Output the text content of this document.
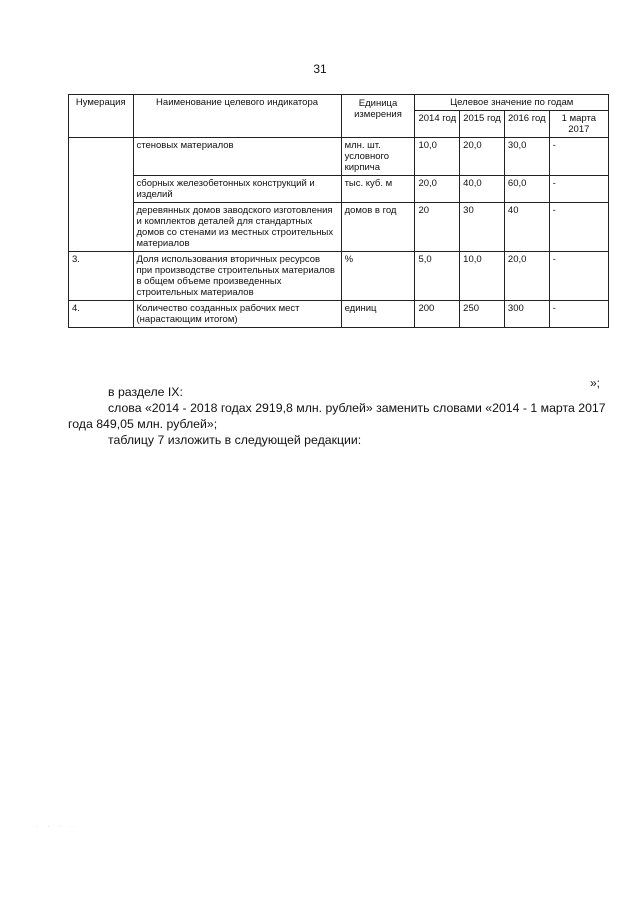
31
Нумерация	Наименование целевого индикатора	Единица измерения	Целевое значение по годам			
			2014 год	2015 год	2016 год	1 марта 2017
	стеновых материалов	млн. шт. условного кирпича	10,0	20,0	30,0	-
	сборных железобетонных конструкций и изделий	тыс. куб. м	20,0	40,0	60,0	-
	деревянных домов заводского изготовления и комплектов деталей для стандартных домов со стенами из местных строительных материалов	домов в год	20	30	40	-
3.	Доля использования вторичных ресурсов при производстве строительных материалов в общем объеме произведенных строительных материалов	%	5,0	10,0	20,0	-
4.	Количество созданных рабочих мест (нарастающим итогом)	единиц	200	250	300	-
»;

в разделе IX:

слова «2014 - 2018 годах 2919,8 млн. рублей» заменить словами «2014 - 1 марта 2017 года 849,05 млн. рублей»;

таблицу 7 изложить в следующей редакции:

· · · ·
